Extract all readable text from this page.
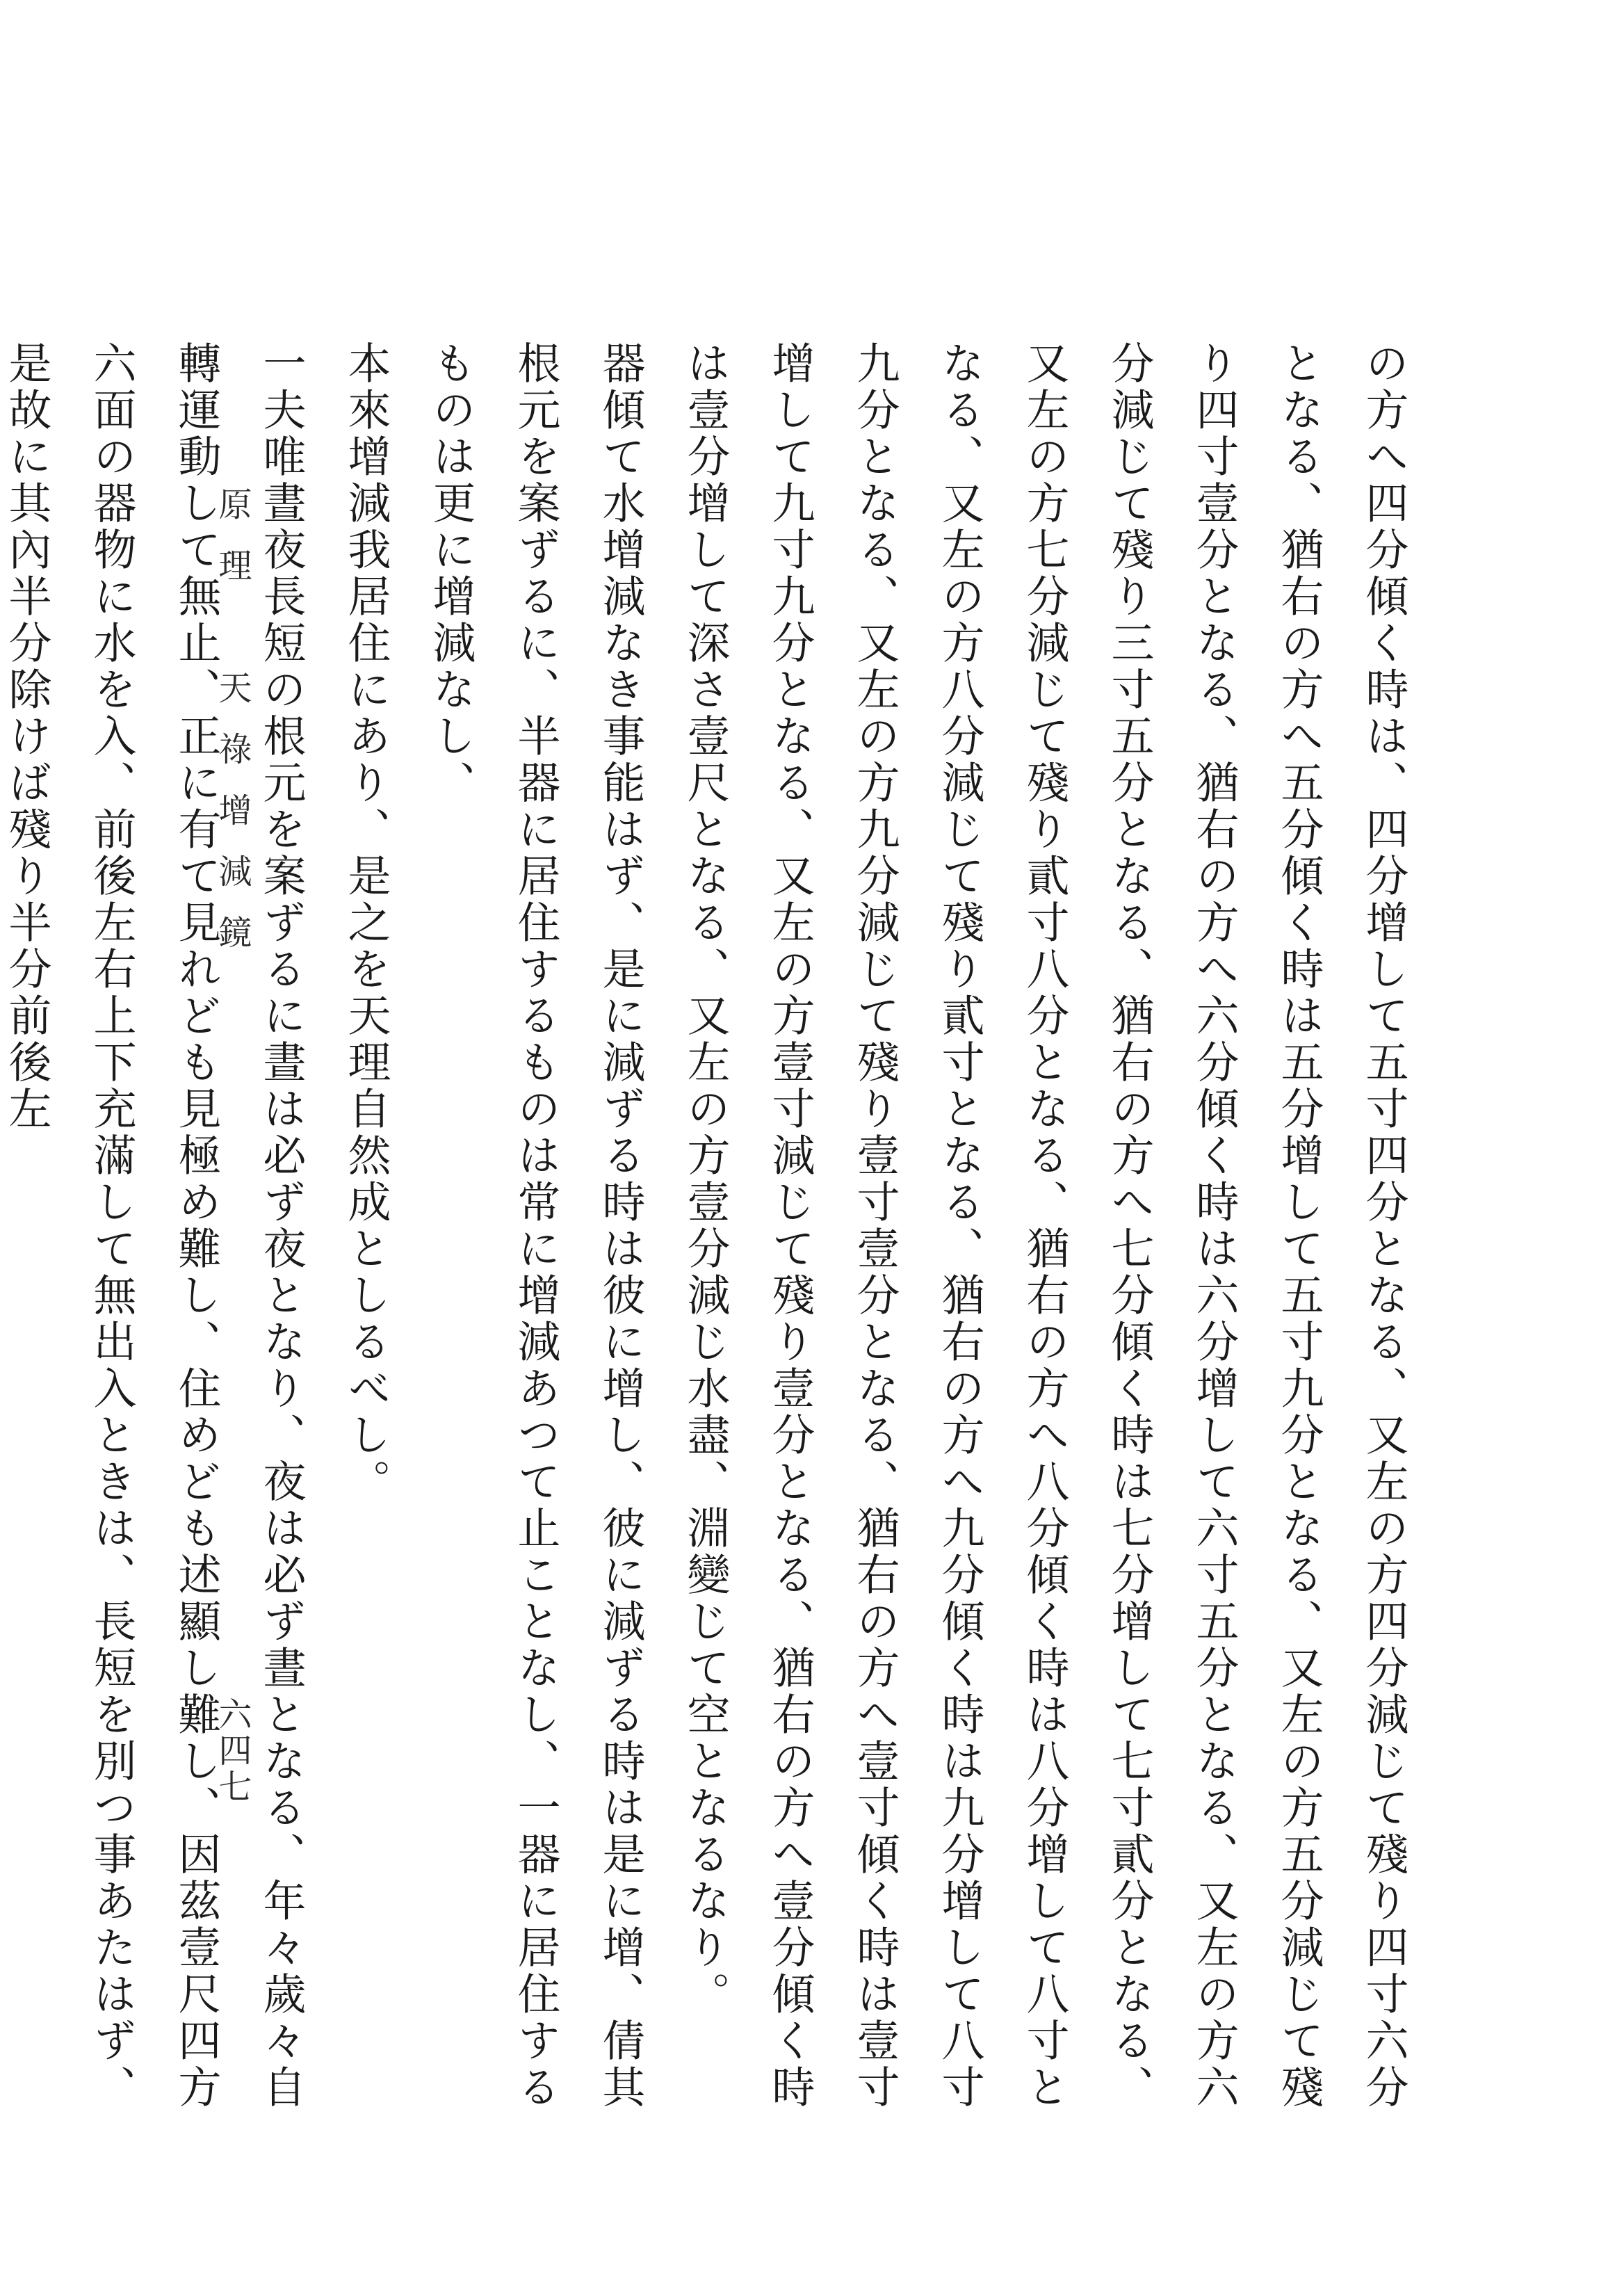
の方へ四分傾く時は、四分增して五寸四分となる、又左の方四分減じて殘り四寸六分となる、猶右の方へ五分傾く時は五分增して五寸九分となる、又左の方五分減じて殘り四寸壹分となる、猶右の方へ六分傾く時は六分增して六寸五分となる、又左の方六分減じて殘り三寸五分となる、猶右の方へ七分傾く時は七分增して七寸貳分となる、又左の方七分減じて殘り貳寸八分となる、猶右の方へ八分傾く時は八分增して八寸となる、又左の方八分減じて殘り貳寸となる、猶右の方へ九分傾く時は九分增して八寸九分となる、又左の方九分減じて殘り壹寸壹分となる、猶右の方へ壹寸傾く時は壹寸增して九寸九分となる、又左の方壹寸減じて殘り壹分となる、猶右の方へ壹分傾く時は壹分增して深さ壹尺となる、又左の方壹分減じ水盡、淵變じて空となるなり。

器傾て水增減なき事能はず、是に減ずる時は彼に增し、彼に減ずる時は是に增、倩其根元を案ずるに、半器に居住するものは常に增減あつて止ことなし、一器に居住するものは更に增減なし、

本來增減我居住にあり、是之を天理自然成としるべし。

一夫唯晝夜長短の根元を案ずるに晝は必ず夜となり、夜は必ず晝となる、年々歲々自轉運動して無止、正に有て見れども見極め難し、住めども述顯し難し、因茲壹尺四方六面の器物に水を入、前後左右上下充滿して無出入ときは、長短を別つ事あたはず、是故に其內半分除けば殘り半分前後左	原理　天祿增減鏡
六四七
